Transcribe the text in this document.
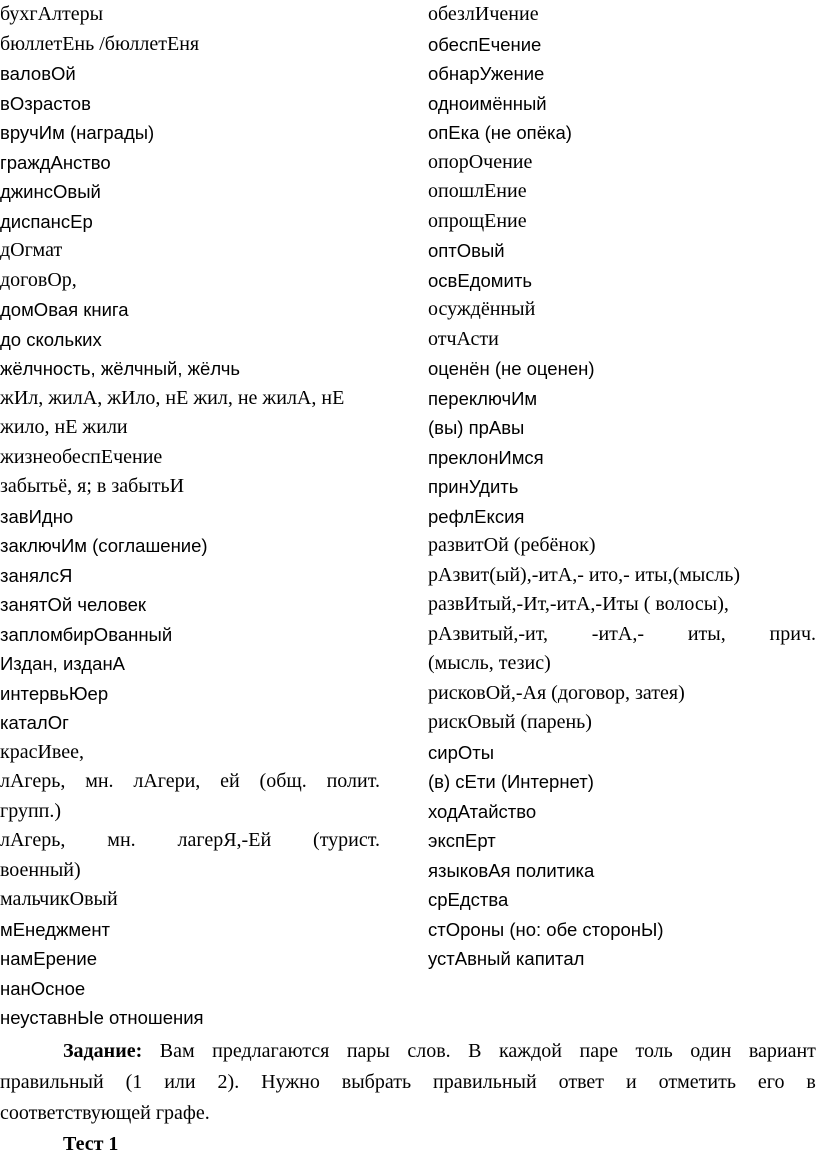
бухгАлтеры
бюллетЕнь /бюллетЕня
валовОй
вОзрастов
вручИм (награды)
граждАнство
джинсОвый
диспансЕр
дОгмат
договОр,
домОвая книга
до скольких
жёлчность, жёлчный, жёлчь
жИл, жилА, жИло, нЕ жил, не жилА, нЕ
жило, нЕ жили
жизнеобеспЕчение
забытьё, я; в забытьИ
завИдно
заключИм (соглашение)
занялсЯ
занятОй человек
запломбирОванный
Издан, изданА
интервьЮер
каталОг
красИвее,
лАгерь, мн. лАгери, ей (общ. полит.
групп.)
лАгерь, мн. лагерЯ,-Ей (турист.
военный)
мальчикОвый
мЕнеджмент
намЕрение
нанОсное
неуставнЫе отношения
обезлИчение
обеспЕчение
обнарУжение
одноимённый
опЕка (не опёка)
опорОчение
опошлЕние
опрощЕние
оптОвый
освЕдомить
осуждённый
отчАсти
оценён (не оценен)
переключИм
(вы) прАвы
преклонИмся
принУдить
рефлЕксия
развитОй (ребёнок)
рАзвит(ый),-итА,- ито,- иты,(мысль)
развИтый,-Ит,-итА,-Иты ( волосы),
рАзвитый,-ит, -итА,- иты, прич.
(мысль, тезис)
рисковОй,-Ая (договор, затея)
рискОвый (парень)
сирОты
(в) сЕти (Интернет)
ходАтайство
экспЕрт
языковАя политика
срЕдства
стОроны (но: обе сторонЫ)
устАвный капитал
Задание: Вам предлагаются пары слов. В каждой паре толь один вариант
правильный (1 или 2). Нужно выбрать правильный ответ и отметить его в
соответствующей графе.
Тест 1
